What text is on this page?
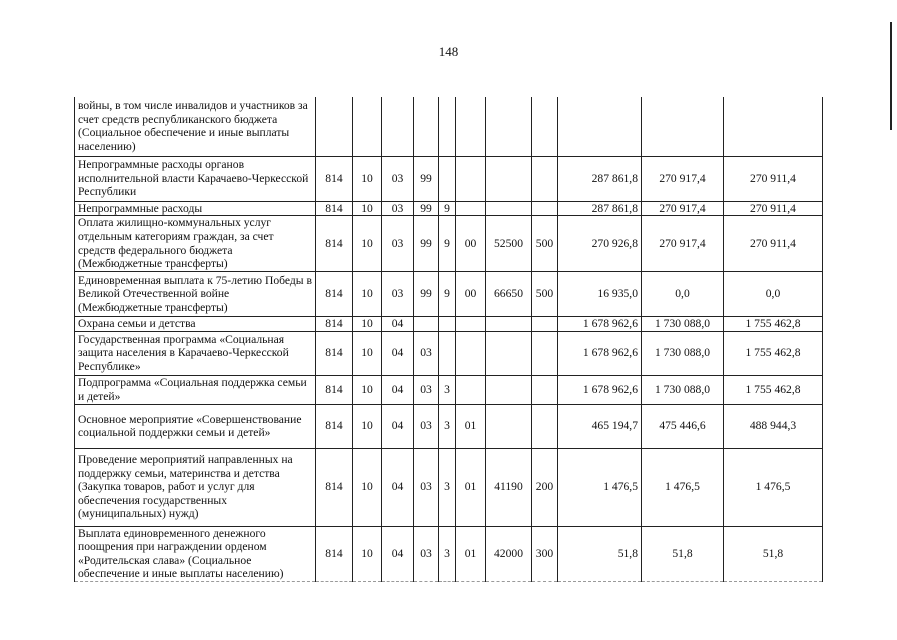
148
войны, в том числе инвалидов и участников за счет средств республиканского бюджета (Социальное обеспечение и иные выплаты населению)											
Непрограммные расходы органов исполнительной власти Карачаево-Черкесской Республики	814	10	03	99					287 861,8	270 917,4	270 911,4
Непрограммные расходы	814	10	03	99	9				287 861,8	270 917,4	270 911,4
Оплата жилищно-коммунальных услуг отдельным категориям граждан, за счет средств федерального бюджета (Межбюджетные трансферты)	814	10	03	99	9	00	52500	500	270 926,8	270 917,4	270 911,4
Единовременная выплата к 75-летию Победы в Великой Отечественной войне (Межбюджетные трансферты)	814	10	03	99	9	00	66650	500	16 935,0	0,0	0,0
Охрана семьи и детства	814	10	04						1 678 962,6	1 730 088,0	1 755 462,8
Государственная программа «Социальная защита населения в Карачаево-Черкесской Республике»	814	10	04	03					1 678 962,6	1 730 088,0	1 755 462,8
Подпрограмма «Социальная поддержка семьи и детей»	814	10	04	03	3				1 678 962,6	1 730 088,0	1 755 462,8
Основное мероприятие «Совершенствование социальной поддержки семьи и детей»	814	10	04	03	3	01			465 194,7	475 446,6	488 944,3
Проведение мероприятий направленных на поддержку семьи, материнства и детства (Закупка товаров, работ и услуг для обеспечения государственных (муниципальных) нужд)	814	10	04	03	3	01	41190	200	1 476,5	1 476,5	1 476,5
Выплата единовременного денежного поощрения при награждении орденом «Родительская слава» (Социальное обеспечение и иные выплаты населению)	814	10	04	03	3	01	42000	300	51,8	51,8	51,8
